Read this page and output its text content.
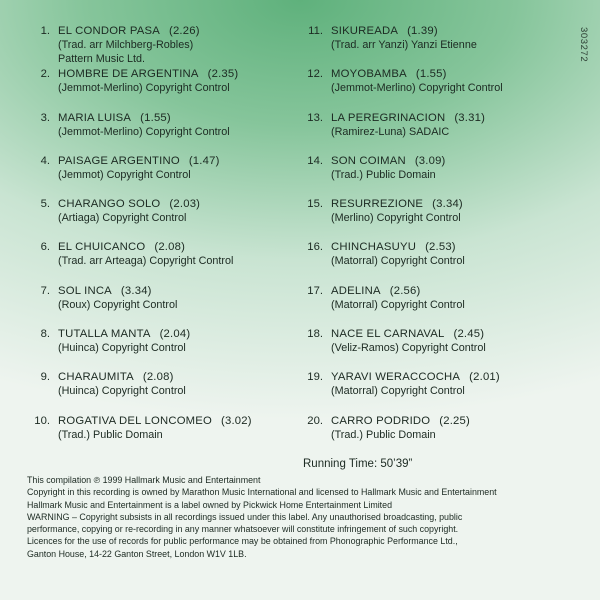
1. EL CONDOR PASA (2.26)
(Trad. arr Milchberg-Robles)
Pattern Music Ltd.
2. HOMBRE DE ARGENTINA (2.35)
(Jemmot-Merlino) Copyright Control
3. MARIA LUISA (1.55)
(Jemmot-Merlino) Copyright Control
4. PAISAGE ARGENTINO (1.47)
(Jemmot) Copyright Control
5. CHARANGO SOLO (2.03)
(Artiaga) Copyright Control
6. EL CHUICANCO (2.08)
(Trad. arr Arteaga) Copyright Control
7. SOL INCA (3.34)
(Roux) Copyright Control
8. TUTALLA MANTA (2.04)
(Huinca) Copyright Control
9. CHARAUMITA (2.08)
(Huinca) Copyright Control
10. ROGATIVA DEL LONCOMEO (3.02)
(Trad.) Public Domain
11. SIKUREADA (1.39)
(Trad. arr Yanzi) Yanzi Etienne
12. MOYOBAMBA (1.55)
(Jemmot-Merlino) Copyright Control
13. LA PEREGRINACION (3.31)
(Ramirez-Luna) SADAIC
14. SON COIMAN (3.09)
(Trad.) Public Domain
15. RESURREZIONE (3.34)
(Merlino) Copyright Control
16. CHINCHASUYU (2.53)
(Matorral) Copyright Control
17. ADELINA (2.56)
(Matorral) Copyright Control
18. NACE EL CARNAVAL (2.45)
(Veliz-Ramos) Copyright Control
19. YARAVI WERACCOCHA (2.01)
(Matorral) Copyright Control
20. CARRO PODRIDO (2.25)
(Trad.) Public Domain
Running Time: 50’39”

This compilation ℗ 1999 Hallmark Music and Entertainment

Copyright in this recording is owned by Marathon Music International and licensed to Hallmark Music and Entertainment

Hallmark Music and Entertainment is a label owned by Pickwick Home Entertainment Limited

WARNING – Copyright subsists in all recordings issued under this label. Any unauthorised broadcasting, public

performance, copying or re-recording in any manner whatsoever will constitute infringement of such copyright.

Licences for the use of records for public performance may be obtained from Phonographic Performance Ltd.,

Ganton House, 14-22 Ganton Street, London W1V 1LB.

303272
